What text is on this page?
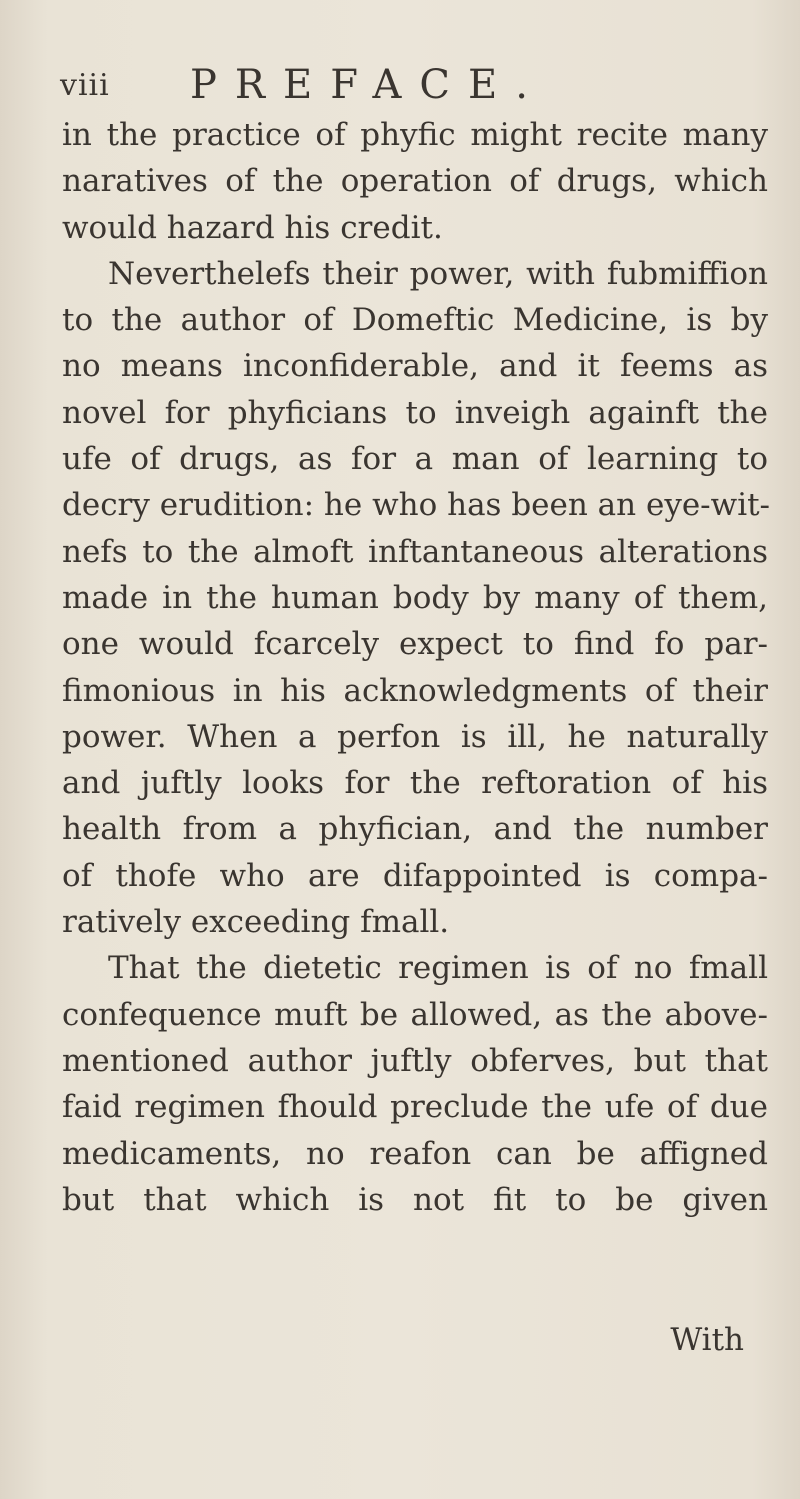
viii PREFACE.
in the practice of phyfic might recite many
naratives of the operation of drugs, which
would hazard his credit.
Neverthelefs their power, with fubmiffion
to the author of Domeftic Medicine, is by
no means inconfiderable, and it feems as
novel for phyficians to inveigh againft the
ufe of drugs, as for a man of learning to
decry erudition: he who has been an eye-wit-
nefs to the almoft inftantaneous alterations
made in the human body by many of them,
one would fcarcely expect to find fo par-
fimonious in his acknowledgments of their
power. When a perfon is ill, he naturally
and juftly looks for the reftoration of his
health from a phyfician, and the number
of thofe who are difappointed is compa-
ratively exceeding fmall.
That the dietetic regimen is of no fmall
confequence muft be allowed, as the above-
mentioned author juftly obferves, but that
faid regimen fhould preclude the ufe of due
medicaments, no reafon can be affigned
but that which is not fit to be given
With
